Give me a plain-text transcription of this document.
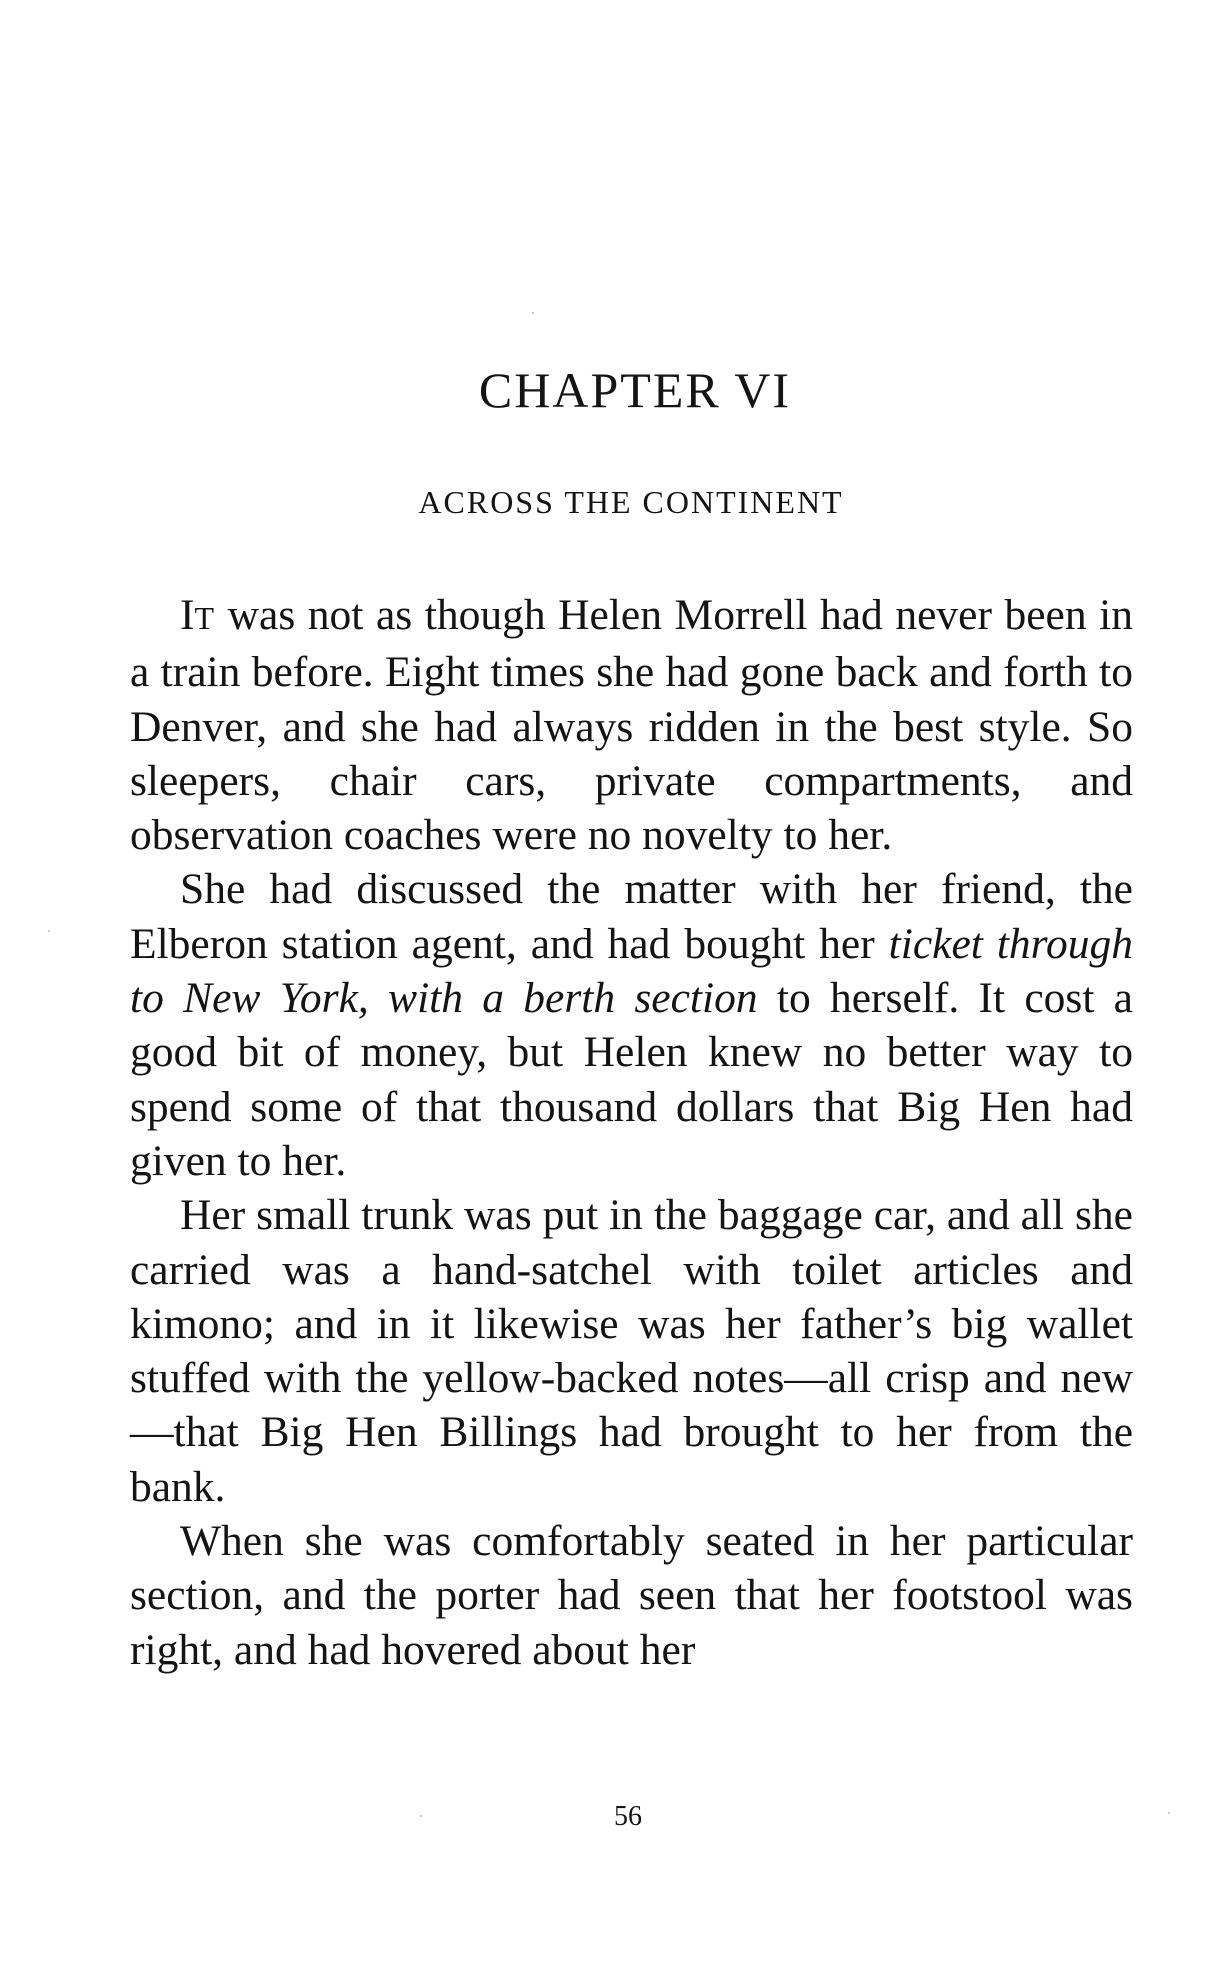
CHAPTER VI
ACROSS THE CONTINENT

IT was not as though Helen Morrell had never been in a train before. Eight times she had gone back and forth to Denver, and she had always ridden in the best style. So sleepers, chair cars, private compartments, and observation coaches were no novelty to her.

She had discussed the matter with her friend, the Elberon station agent, and had bought her ticket through to New York, with a berth section to herself. It cost a good bit of money, but Helen knew no better way to spend some of that thousand dollars that Big Hen had given to her.

Her small trunk was put in the baggage car, and all she carried was a hand-satchel with toilet articles and kimono; and in it likewise was her father’s big wallet stuffed with the yellow-backed notes—all crisp and new—that Big Hen Billings had brought to her from the bank.

When she was comfortably seated in her particular section, and the porter had seen that her footstool was right, and had hovered about her

56
